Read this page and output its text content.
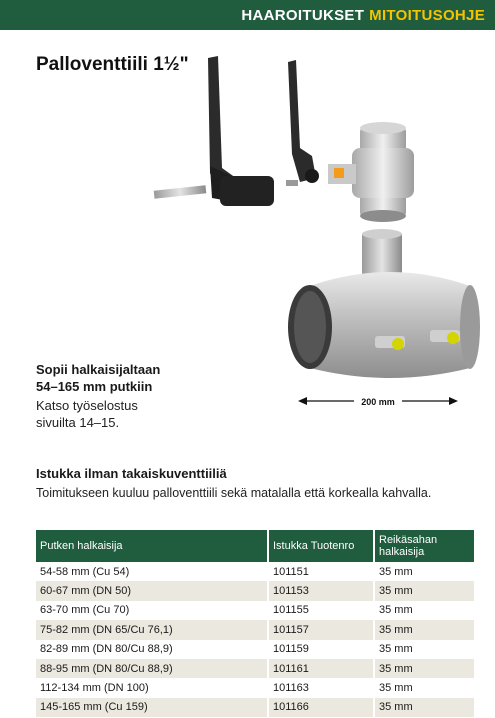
HAAROITUKSET MITOITUSOHJE
Palloventtiili 1½"
200 mm
Sopii halkaisijaltaan
54–165 mm putkiin
Katso työselostus
sivuilta 14–15.
Istukka ilman takaiskuventtiiliä
Toimitukseen kuuluu palloventtiili sekä matalalla että korkealla kahvalla.
Putken halkaisija	Istukka Tuotenro	Reikäsahan halkaisija
54-58 mm (Cu 54)	101151	35 mm
60-67 mm (DN 50)	101153	35 mm
63-70 mm (Cu 70)	101155	35 mm
75-82 mm (DN 65/Cu 76,1)	101157	35 mm
82-89 mm (DN 80/Cu 88,9)	101159	35 mm
88-95 mm (DN 80/Cu 88,9)	101161	35 mm
112-134 mm (DN 100)	101163	35 mm
145-165 mm (Cu 159)	101166	35 mm
